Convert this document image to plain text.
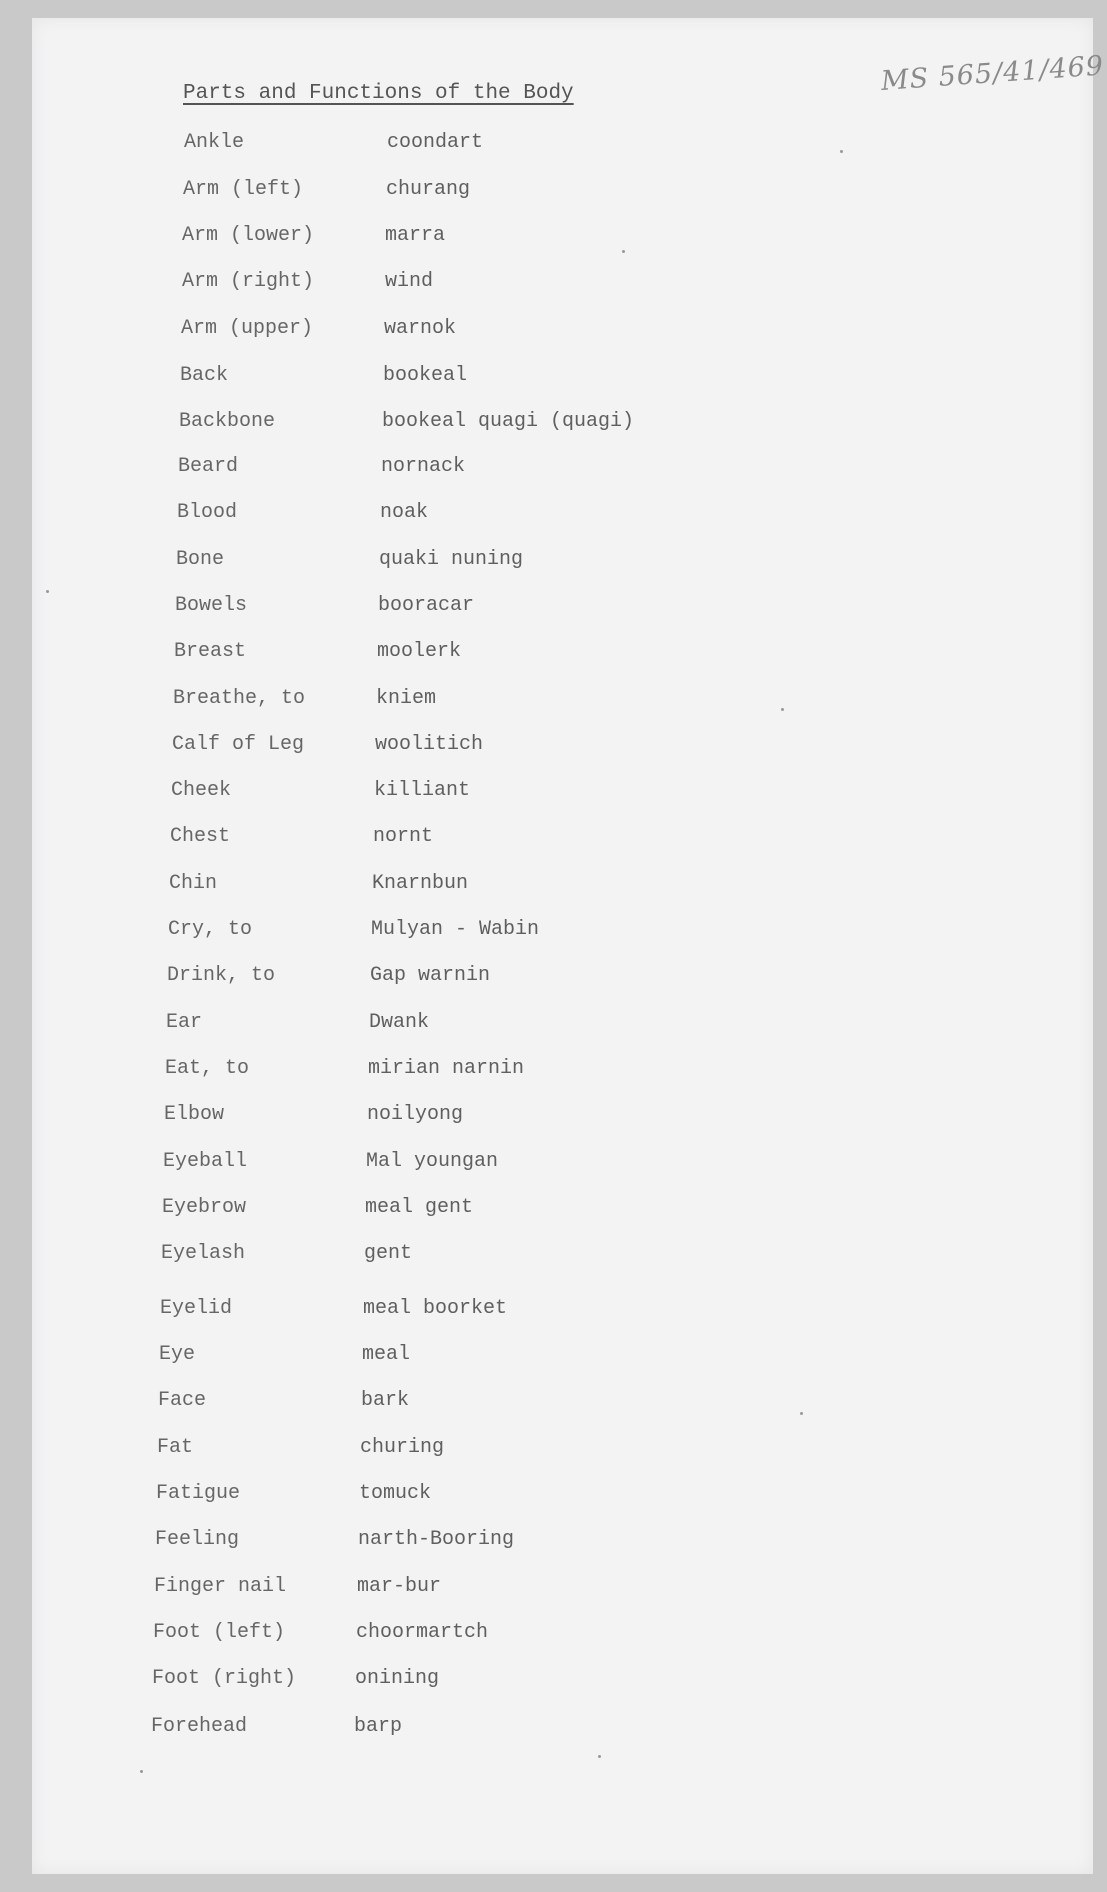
MS 565/41/469
Parts and Functions of the Body
Ankle	coondart
Arm (left)	churang
Arm (lower)	marra
Arm (right)	wind
Arm (upper)	warnok
Back	bookeal
Backbone	bookeal quagi (quagi)
Beard	nornack
Blood	noak
Bone	quaki nuning
Bowels	booracar
Breast	moolerk
Breathe, to	kniem
Calf of Leg	woolitich
Cheek	killiant
Chest	nornt
Chin	Knarnbun
Cry, to	Mulyan - Wabin
Drink, to	Gap warnin
Ear	Dwank
Eat, to	mirian narnin
Elbow	noilyong
Eyeball	Mal youngan
Eyebrow	meal gent
Eyelash	gent
Eyelid	meal boorket
Eye	meal
Face	bark
Fat	churing
Fatigue	tomuck
Feeling	narth-Booring
Finger nail	mar-bur
Foot (left)	choormartch
Foot (right)	onining
Forehead	barp
